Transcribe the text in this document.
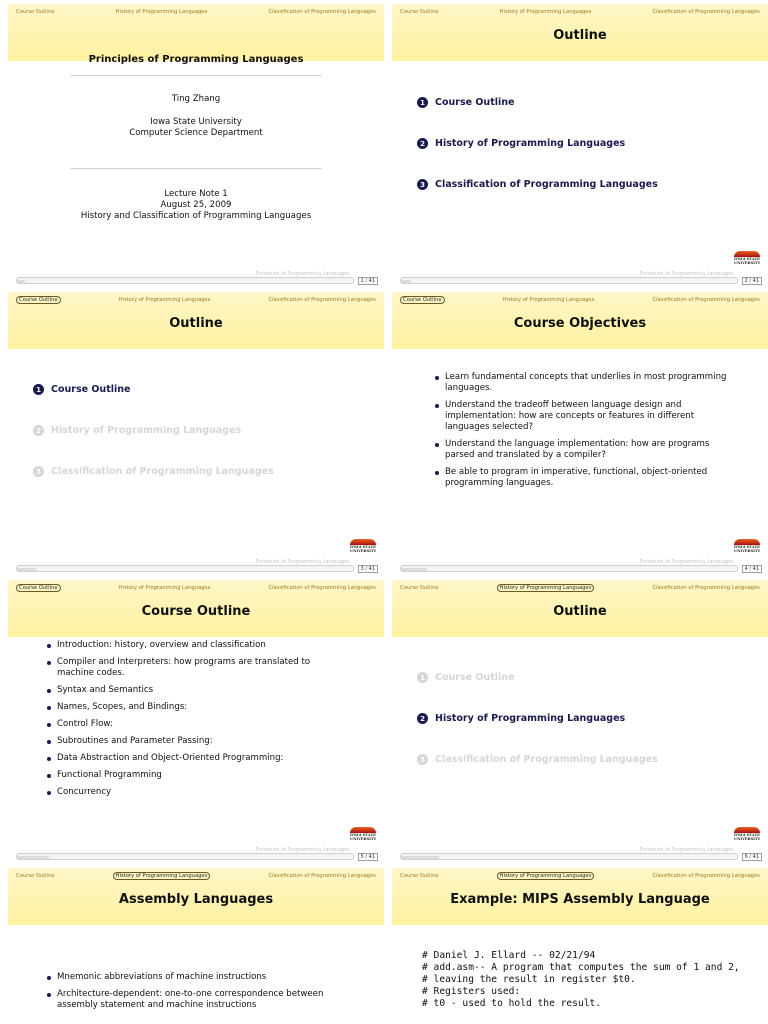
Course Outline	History of Programming Languages	Classification of Programming Languages
Principles of Programming Languages
Ting Zhang
Iowa State University
Computer Science Department
Lecture Note 1
August 25, 2009
History and Classification of Programming Languages
Principles of Programming Languages
1 / 41
Course Outline	History of Programming Languages	Classification of Programming Languages
Outline
1	Course Outline
2	History of Programming Languages
3	Classification of Programming Languages
IOWA STATE
UNIVERSITY
Principles of Programming Languages
2 / 41
Course Outline	History of Programming Languages	Classification of Programming Languages
Outline
1	Course Outline
2	History of Programming Languages
3	Classification of Programming Languages
IOWA STATE
UNIVERSITY
Principles of Programming Languages
3 / 41
Course Outline	History of Programming Languages	Classification of Programming Languages
Course Objectives
Learn fundamental concepts that underlies in most programming languages.
Understand the tradeoff between language design and implementation: how are concepts or features in different languages selected?
Understand the language implementation: how are programs parsed and translated by a compiler?
Be able to program in imperative, functional, object-oriented programming languages.
IOWA STATE
UNIVERSITY
Principles of Programming Languages
4 / 41
Course Outline	History of Programming Languages	Classification of Programming Languages
Course Outline
Introduction: history, overview and classification
Compiler and Interpreters: how programs are translated to machine codes.
Syntax and Semantics
Names, Scopes, and Bindings:
Control Flow:
Subroutines and Parameter Passing:
Data Abstraction and Object-Oriented Programming:
Functional Programming
Concurrency
IOWA STATE
UNIVERSITY
Principles of Programming Languages
5 / 41
Course Outline	History of Programming Languages	Classification of Programming Languages
Outline
1	Course Outline
2	History of Programming Languages
3	Classification of Programming Languages
IOWA STATE
UNIVERSITY
Principles of Programming Languages
6 / 41
Course Outline	History of Programming Languages	Classification of Programming Languages
Assembly Languages
Mnemonic abbreviations of machine instructions
Architecture-dependent: one-to-one correspondence between assembly statement and machine instructions
Course Outline	History of Programming Languages	Classification of Programming Languages
Example: MIPS Assembly Language
# Daniel J. Ellard -- 02/21/94
# add.asm-- A program that computes the sum of 1 and 2,
# leaving the result in register $t0.
# Registers used:
# t0 - used to hold the result.
